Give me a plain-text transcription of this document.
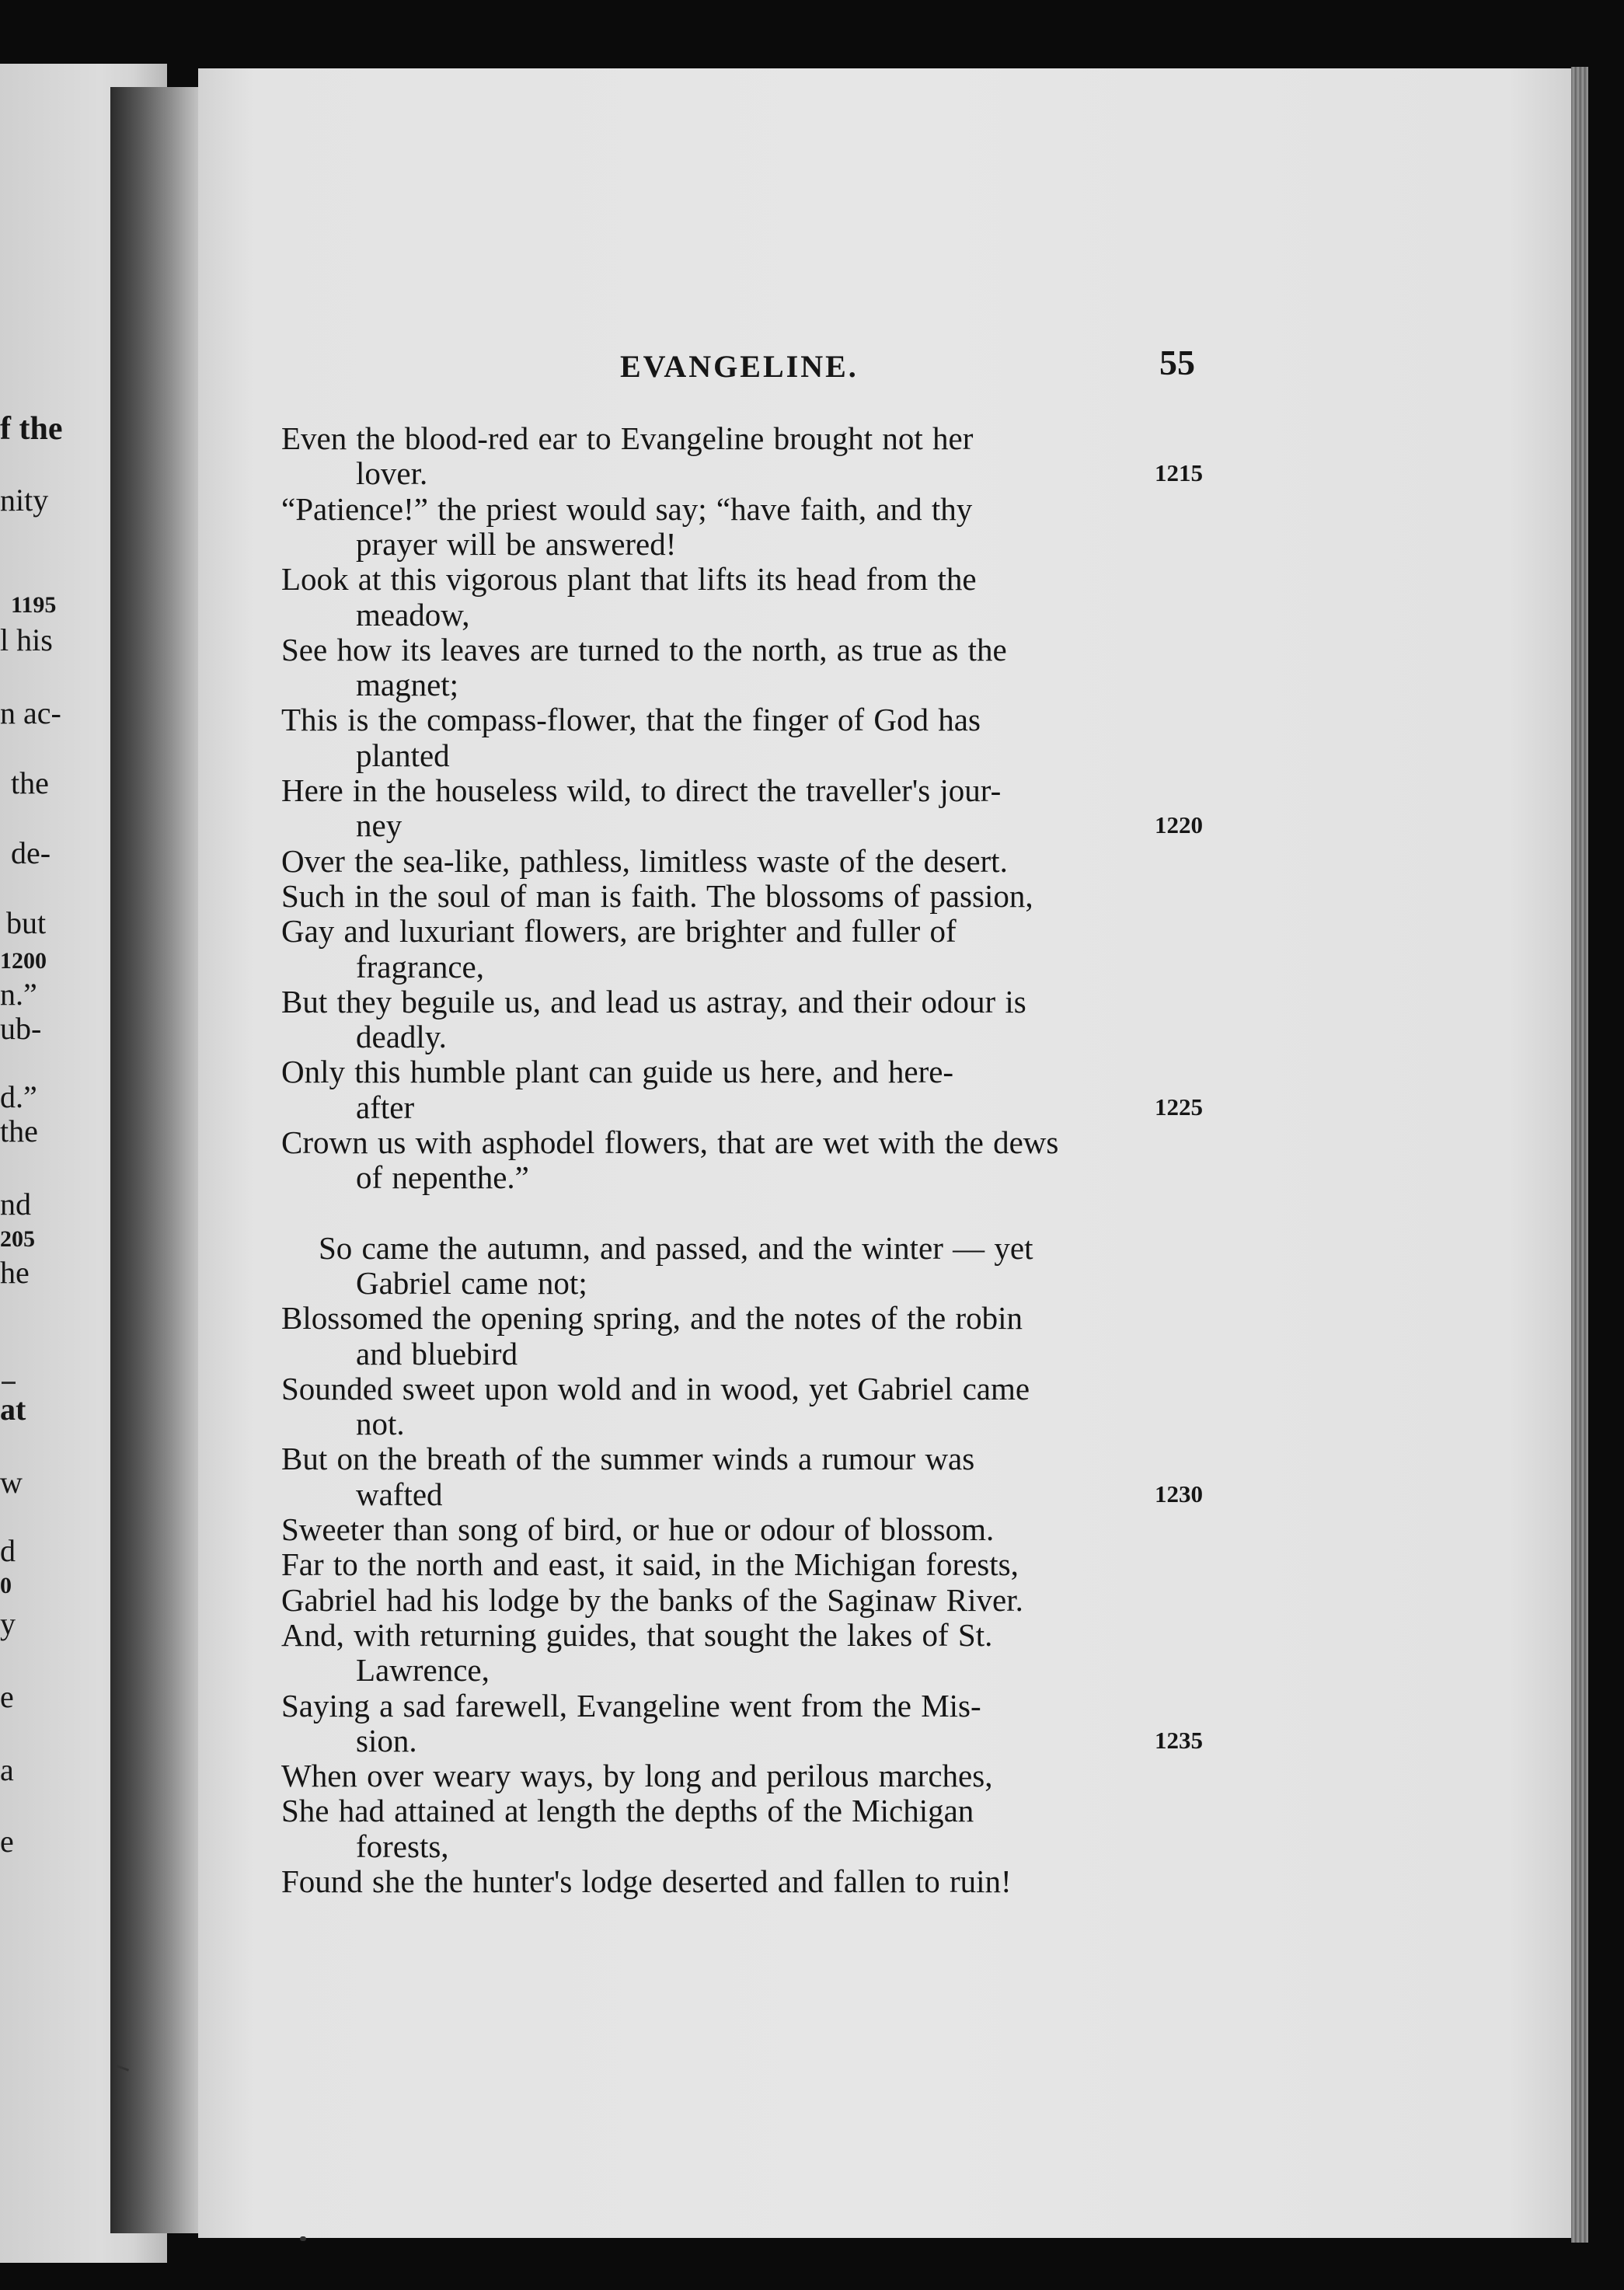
f the
nity
1195
l his
n ac-
the
de-
but
1200
n.”
ub-
d.”
the
nd
205
he
at
w
d
0
y
e
a
e
EVANGELINE.	55
Even the blood-red ear to Evangeline brought not her
lover.	1215
“Patience!” the priest would say; “have faith, and thy
prayer will be answered!
Look at this vigorous plant that lifts its head from the
meadow,
See how its leaves are turned to the north, as true as the
magnet;
This is the compass-flower, that the finger of God has
planted
Here in the houseless wild, to direct the traveller's jour-
ney	1220
Over the sea-like, pathless, limitless waste of the desert.
Such in the soul of man is faith. The blossoms of passion,
Gay and luxuriant flowers, are brighter and fuller of
fragrance,
But they beguile us, and lead us astray, and their odour is
deadly.
Only this humble plant can guide us here, and here-
after	1225
Crown us with asphodel flowers, that are wet with the dews
of nepenthe.”
So came the autumn, and passed, and the winter — yet
Gabriel came not;
Blossomed the opening spring, and the notes of the robin
and bluebird
Sounded sweet upon wold and in wood, yet Gabriel came
not.
But on the breath of the summer winds a rumour was
wafted	1230
Sweeter than song of bird, or hue or odour of blossom.
Far to the north and east, it said, in the Michigan forests,
Gabriel had his lodge by the banks of the Saginaw River.
And, with returning guides, that sought the lakes of St.
Lawrence,
Saying a sad farewell, Evangeline went from the Mis-
sion.	1235
When over weary ways, by long and perilous marches,
She had attained at length the depths of the Michigan
forests,
Found she the hunter's lodge deserted and fallen to ruin!
